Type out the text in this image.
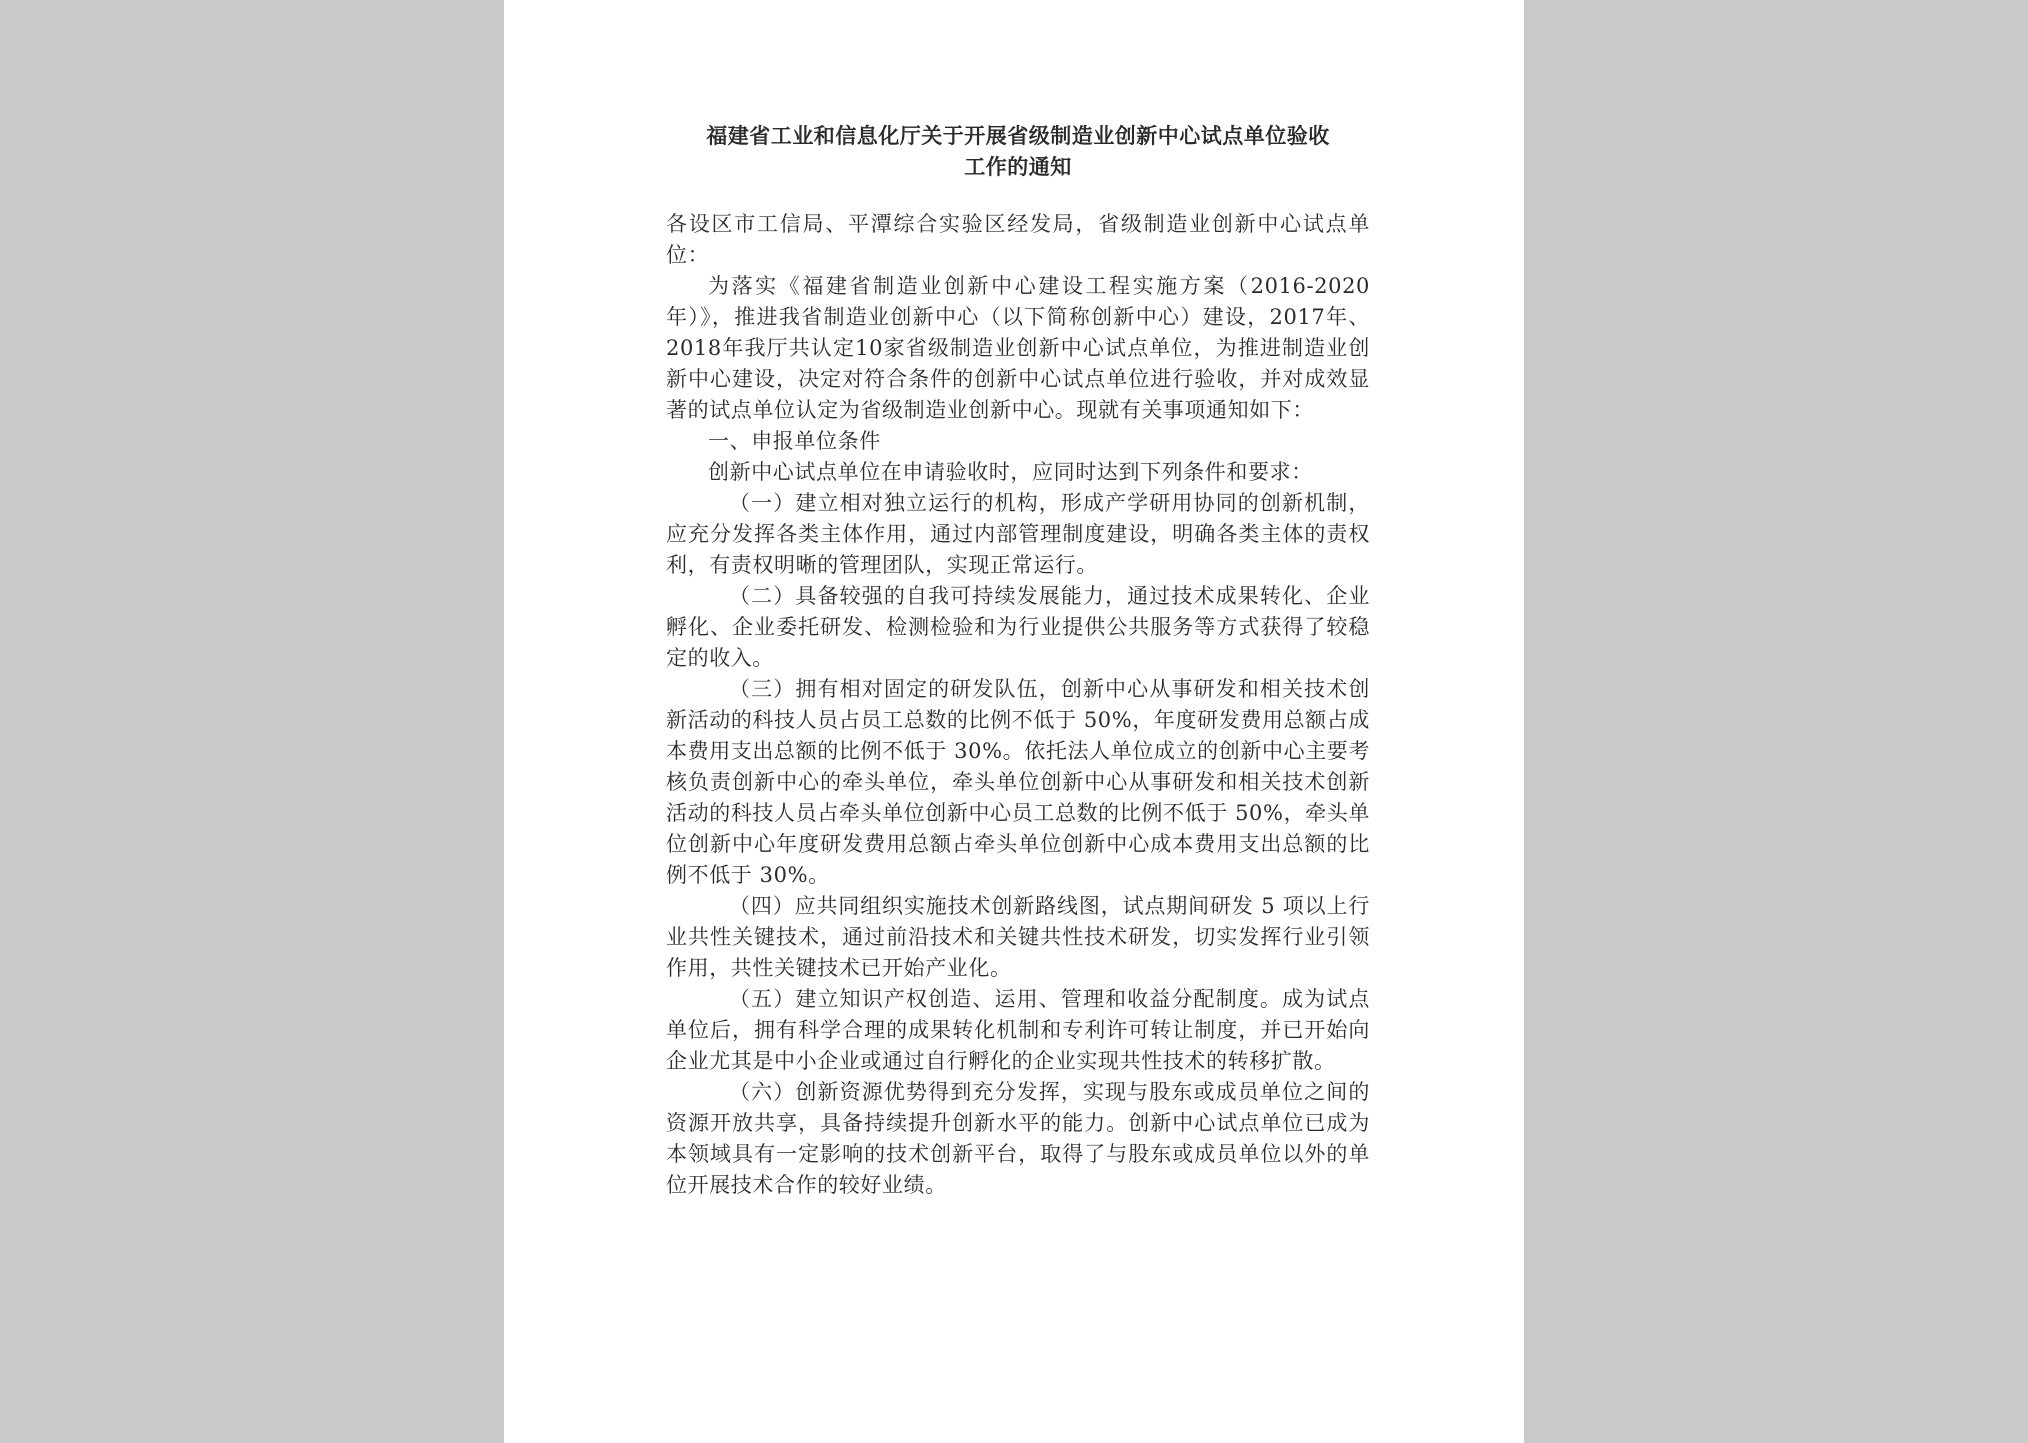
福建省工业和信息化厅关于开展省级制造业创新中心试点单位验收
工作的通知

各设区市工信局、平潭综合实验区经发局，省级制造业创新中心试点单位：

为落实《福建省制造业创新中心建设工程实施方案（2016-2020年）》，推进我省制造业创新中心（以下简称创新中心）建设，2017年、2018年我厅共认定10家省级制造业创新中心试点单位，为推进制造业创新中心建设，决定对符合条件的创新中心试点单位进行验收，并对成效显著的试点单位认定为省级制造业创新中心。现就有关事项通知如下：

一、申报单位条件

创新中心试点单位在申请验收时，应同时达到下列条件和要求：

（一）建立相对独立运行的机构，形成产学研用协同的创新机制，应充分发挥各类主体作用，通过内部管理制度建设，明确各类主体的责权利，有责权明晰的管理团队，实现正常运行。

（二）具备较强的自我可持续发展能力，通过技术成果转化、企业孵化、企业委托研发、检测检验和为行业提供公共服务等方式获得了较稳定的收入。

（三）拥有相对固定的研发队伍，创新中心从事研发和相关技术创新活动的科技人员占员工总数的比例不低于 50%，年度研发费用总额占成本费用支出总额的比例不低于 30%。依托法人单位成立的创新中心主要考核负责创新中心的牵头单位，牵头单位创新中心从事研发和相关技术创新活动的科技人员占牵头单位创新中心员工总数的比例不低于 50%，牵头单位创新中心年度研发费用总额占牵头单位创新中心成本费用支出总额的比例不低于 30%。

（四）应共同组织实施技术创新路线图，试点期间研发 5 项以上行业共性关键技术，通过前沿技术和关键共性技术研发，切实发挥行业引领作用，共性关键技术已开始产业化。

（五）建立知识产权创造、运用、管理和收益分配制度。成为试点单位后，拥有科学合理的成果转化机制和专利许可转让制度，并已开始向企业尤其是中小企业或通过自行孵化的企业实现共性技术的转移扩散。

（六）创新资源优势得到充分发挥，实现与股东或成员单位之间的资源开放共享，具备持续提升创新水平的能力。创新中心试点单位已成为本领域具有一定影响的技术创新平台，取得了与股东或成员单位以外的单位开展技术合作的较好业绩。
